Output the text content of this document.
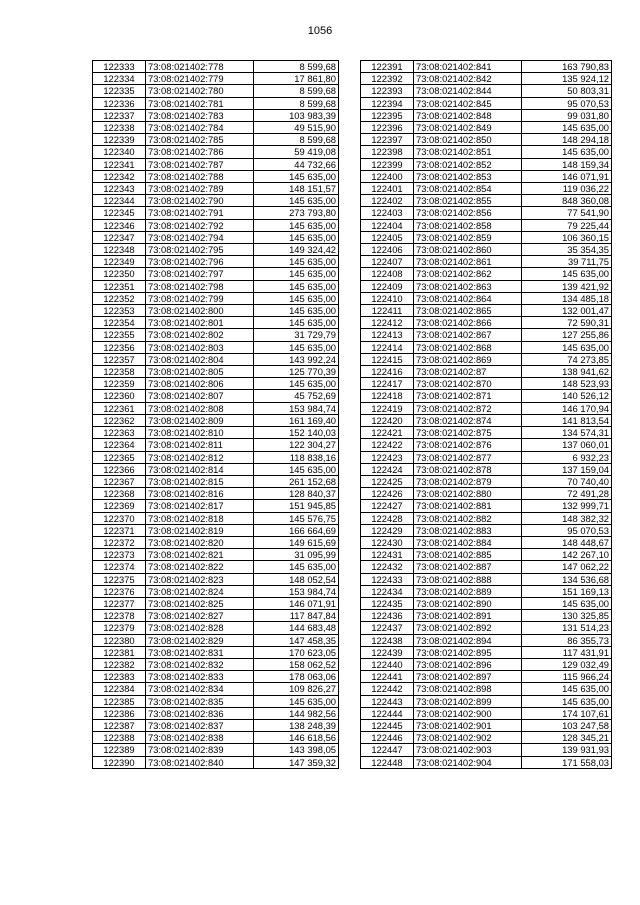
1056
122333	73:08:021402:778	8 599,68
122334	73:08:021402:779	17 861,80
122335	73:08:021402:780	8 599,68
122336	73:08:021402:781	8 599,68
122337	73:08:021402:783	103 983,39
122338	73:08:021402:784	49 515,90
122339	73:08:021402:785	8 599,68
122340	73:08:021402:786	59 419,08
122341	73:08:021402:787	44 732,66
122342	73:08:021402:788	145 635,00
122343	73:08:021402:789	148 151,57
122344	73:08:021402:790	145 635,00
122345	73:08:021402:791	273 793,80
122346	73:08:021402:792	145 635,00
122347	73:08:021402:794	145 635,00
122348	73:08:021402:795	149 324,42
122349	73:08:021402:796	145 635,00
122350	73:08:021402:797	145 635,00
122351	73:08:021402:798	145 635,00
122352	73:08:021402:799	145 635,00
122353	73:08:021402:800	145 635,00
122354	73:08:021402:801	145 635,00
122355	73:08:021402:802	31 729,79
122356	73:08:021402:803	145 635,00
122357	73:08:021402:804	143 992,24
122358	73:08:021402:805	125 770,39
122359	73:08:021402:806	145 635,00
122360	73:08:021402:807	45 752,69
122361	73:08:021402:808	153 984,74
122362	73:08:021402:809	161 169,40
122363	73:08:021402:810	152 140,03
122364	73:08:021402:811	122 304,27
122365	73:08:021402:812	118 838,16
122366	73:08:021402:814	145 635,00
122367	73:08:021402:815	261 152,68
122368	73:08:021402:816	128 840,37
122369	73:08:021402:817	151 945,85
122370	73:08:021402:818	145 576,75
122371	73:08:021402:819	166 664,69
122372	73:08:021402:820	149 615,69
122373	73:08:021402:821	31 095,99
122374	73:08:021402:822	145 635,00
122375	73:08:021402:823	148 052,54
122376	73:08:021402:824	153 984,74
122377	73:08:021402:825	146 071,91
122378	73:08:021402:827	117 847,84
122379	73:08:021402:828	144 683,48
122380	73:08:021402:829	147 458,35
122381	73:08:021402:831	170 623,05
122382	73:08:021402:832	158 062,52
122383	73:08:021402:833	178 063,06
122384	73:08:021402:834	109 826,27
122385	73:08:021402:835	145 635,00
122386	73:08:021402:836	144 982,56
122387	73:08:021402:837	138 248,39
122388	73:08:021402:838	146 618,56
122389	73:08:021402:839	143 398,05
122390	73:08:021402:840	147 359,32
122391	73:08:021402:841	163 790,83
122392	73:08:021402:842	135 924,12
122393	73:08:021402:844	50 803,31
122394	73:08:021402:845	95 070,53
122395	73:08:021402:848	99 031,80
122396	73:08:021402:849	145 635,00
122397	73:08:021402:850	148 294,18
122398	73:08:021402:851	145 635,00
122399	73:08:021402:852	148 159,34
122400	73:08:021402:853	146 071,91
122401	73:08:021402:854	119 036,22
122402	73:08:021402:855	848 360,08
122403	73:08:021402:856	77 541,90
122404	73:08:021402:858	79 225,44
122405	73:08:021402:859	106 360,15
122406	73:08:021402:860	35 354,35
122407	73:08:021402:861	39 711,75
122408	73:08:021402:862	145 635,00
122409	73:08:021402:863	139 421,92
122410	73:08:021402:864	134 485,18
122411	73:08:021402:865	132 001,47
122412	73:08:021402:866	72 590,31
122413	73:08:021402:867	127 255,86
122414	73:08:021402:868	145 635,00
122415	73:08:021402:869	74 273,85
122416	73:08:021402:87	138 941,62
122417	73:08:021402:870	148 523,93
122418	73:08:021402:871	140 526,12
122419	73:08:021402:872	146 170,94
122420	73:08:021402:874	141 813,54
122421	73:08:021402:875	134 574,31
122422	73:08:021402:876	137 060,01
122423	73:08:021402:877	6 932,23
122424	73:08:021402:878	137 159,04
122425	73:08:021402:879	70 740,40
122426	73:08:021402:880	72 491,28
122427	73:08:021402:881	132 999,71
122428	73:08:021402:882	148 382,32
122429	73:08:021402:883	95 070,53
122430	73:08:021402:884	148 448,67
122431	73:08:021402:885	142 267,10
122432	73:08:021402:887	147 062,22
122433	73:08:021402:888	134 536,68
122434	73:08:021402:889	151 169,13
122435	73:08:021402:890	145 635,00
122436	73:08:021402:891	130 325,85
122437	73:08:021402:892	131 514,23
122438	73:08:021402:894	86 355,73
122439	73:08:021402:895	117 431,91
122440	73:08:021402:896	129 032,49
122441	73:08:021402:897	115 966,24
122442	73:08:021402:898	145 635,00
122443	73:08:021402:899	145 635,00
122444	73:08:021402:900	174 107,61
122445	73:08:021402:901	103 247,58
122446	73:08:021402:902	128 345,21
122447	73:08:021402:903	139 931,93
122448	73:08:021402:904	171 558,03
